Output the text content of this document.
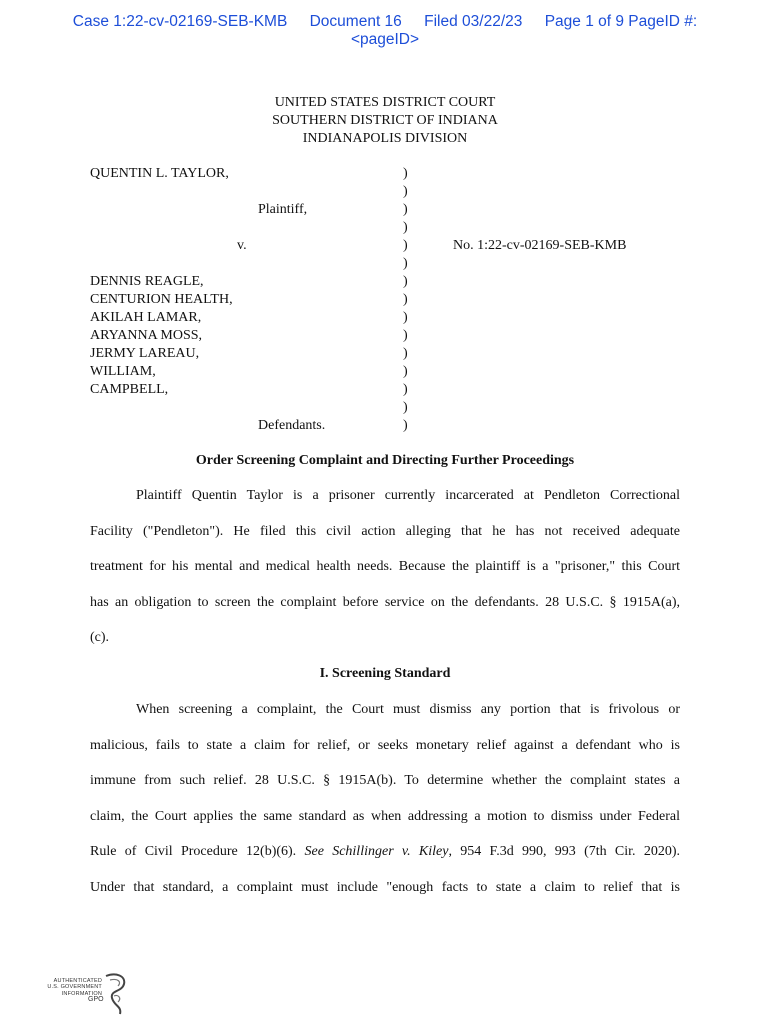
Case 1:22-cv-02169-SEB-KMB Document 16 Filed 03/22/23 Page 1 of 9 PageID #:
<pageID>
UNITED STATES DISTRICT COURT
SOUTHERN DISTRICT OF INDIANA
INDIANAPOLIS DIVISION
QUENTIN L. TAYLOR,
Plaintiff,
v.	No. 1:22-cv-02169-SEB-KMB
DENNIS REAGLE,
CENTURION HEALTH,
AKILAH LAMAR,
ARYANNA MOSS,
JERMY LAREAU,
WILLIAM,
CAMPBELL,
Defendants.
)
)
)
)
)
)
)
)
)
)
)
)
)
)
)
Order Screening Complaint and Directing Further Proceedings
Plaintiff Quentin Taylor is a prisoner currently incarcerated at Pendleton Correctional
Facility ("Pendleton"). He filed this civil action alleging that he has not received adequate
treatment for his mental and medical health needs. Because the plaintiff is a "prisoner," this Court
has an obligation to screen the complaint before service on the defendants. 28 U.S.C. § 1915A(a),
(c).
I. Screening Standard
When screening a complaint, the Court must dismiss any portion that is frivolous or
malicious, fails to state a claim for relief, or seeks monetary relief against a defendant who is
immune from such relief. 28 U.S.C. § 1915A(b). To determine whether the complaint states a
claim, the Court applies the same standard as when addressing a motion to dismiss under Federal
Rule of Civil Procedure 12(b)(6). See Schillinger v. Kiley, 954 F.3d 990, 993 (7th Cir. 2020).
Under that standard, a complaint must include "enough facts to state a claim to relief that is
AUTHENTICATED
U.S. GOVERNMENT
INFORMATION
GPO
